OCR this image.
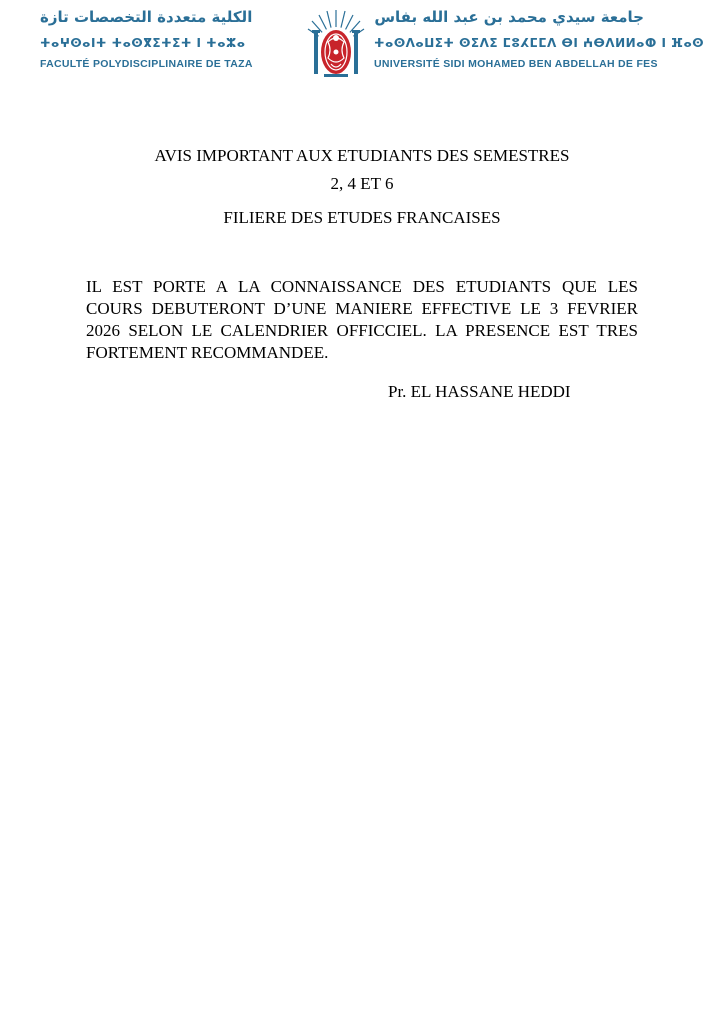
الكلية متعددة التخصصات تازة
ⵜⴰⵖⵙⴰⵏⵜ ⵜⴰⵙⴳⵉⵜⵉⵜ ⵏ ⵜⴰⵣⴰ
FACULTÉ POLYDISCIPLINAIRE DE TAZA
جامعة سيدي محمد بن عبد الله بفاس
ⵜⴰⵙⴷⴰⵡⵉⵜ ⵙⵉⴷⵉ ⵎⵓⵃⵎⵎⴷ ⴱⵏ ⵄⴱⴷⵍⵍⴰⵀ ⵏ ⴼⴰⵙ
UNIVERSITÉ SIDI MOHAMED BEN ABDELLAH DE FES
AVIS IMPORTANT AUX ETUDIANTS DES SEMESTRES
2, 4 ET 6
FILIERE DES ETUDES FRANCAISES
IL EST PORTE A LA CONNAISSANCE DES ETUDIANTS QUE LES COURS DEBUTERONT D’UNE MANIERE EFFECTIVE LE 3 FEVRIER 2026 SELON LE CALENDRIER OFFICCIEL. LA PRESENCE EST TRES FORTEMENT RECOMMANDEE.
Pr. EL HASSANE HEDDI
